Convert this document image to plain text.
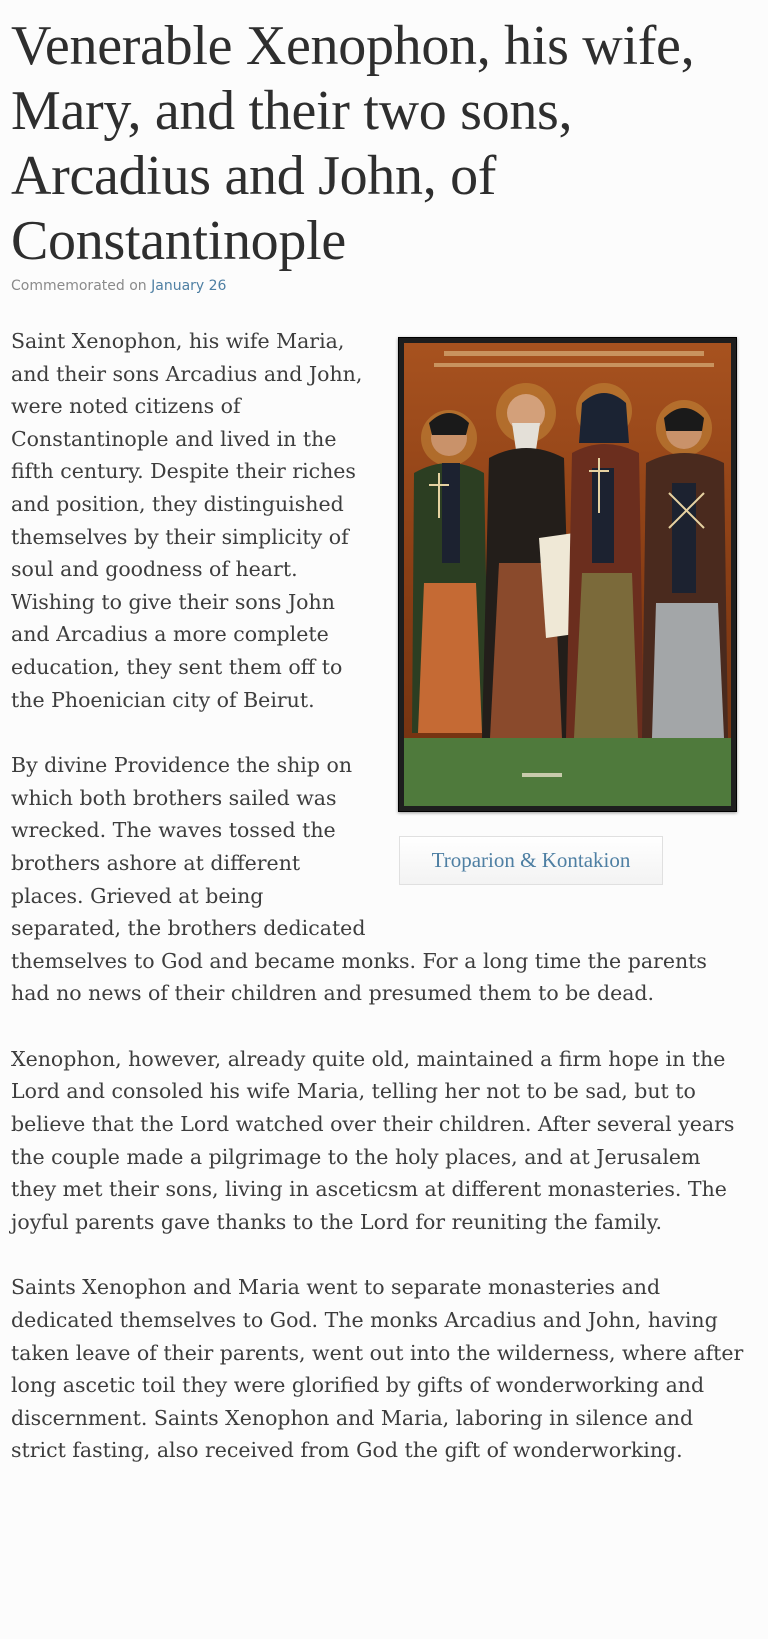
Venerable Xenophon, his wife, Mary, and their two sons, Arcadius and John, of Constantinople
Commemorated on January 26
Troparion & Kontakion

Saint Xenophon, his wife Maria, and their sons Arcadius and John, were noted citizens of Constantinople and lived in the fifth century. Despite their riches and position, they distinguished themselves by their simplicity of soul and goodness of heart. Wishing to give their sons John and Arcadius a more complete education, they sent them off to the Phoenician city of Beirut.

By divine Providence the ship on which both brothers sailed was wrecked. The waves tossed the brothers ashore at different places. Grieved at being separated, the brothers dedicated themselves to God and became monks. For a long time the parents had no news of their children and presumed them to be dead.

Xenophon, however, already quite old, maintained a firm hope in the Lord and consoled his wife Maria, telling her not to be sad, but to believe that the Lord watched over their children. After several years the couple made a pilgrimage to the holy places, and at Jerusalem they met their sons, living in asceticsm at different monasteries. The joyful parents gave thanks to the Lord for reuniting the family.

Saints Xenophon and Maria went to separate monasteries and dedicated themselves to God. The monks Arcadius and John, having taken leave of their parents, went out into the wilderness, where after long ascetic toil they were glorified by gifts of wonderworking and discernment. Saints Xenophon and Maria, laboring in silence and strict fasting, also received from God the gift of wonderworking.
